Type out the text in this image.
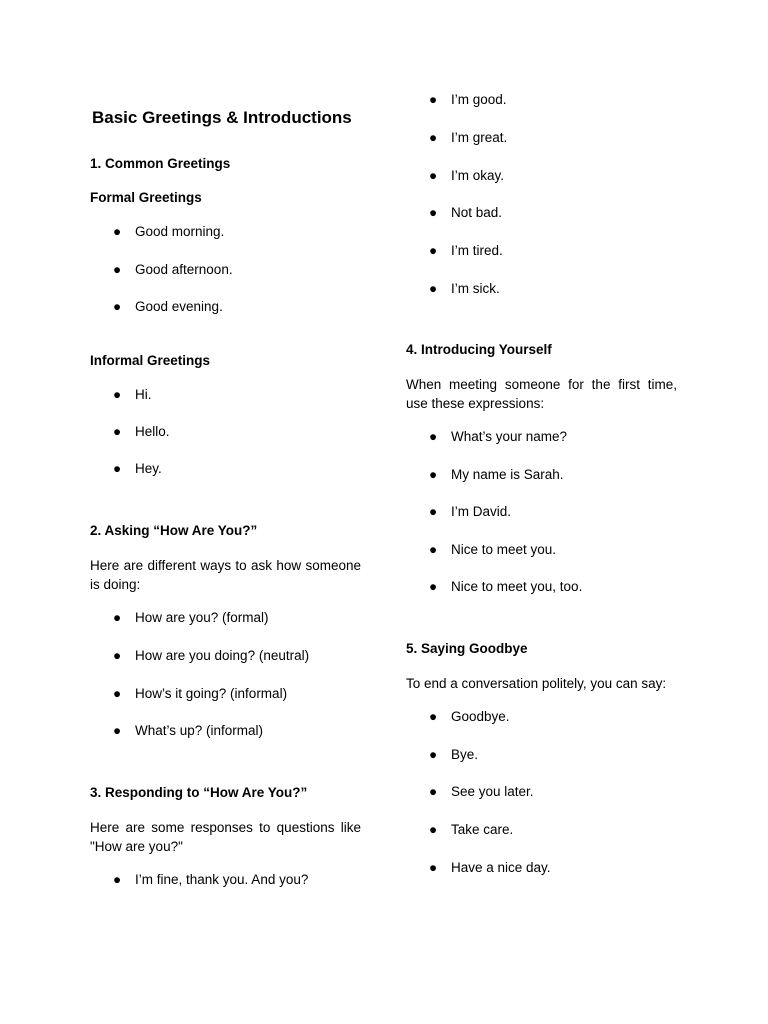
Basic Greetings & Introductions
1. Common Greetings
Formal Greetings
● Good morning.
● Good afternoon.
● Good evening.
Informal Greetings
● Hi.
● Hello.
● Hey.
2. Asking “How Are You?”

Here are different ways to ask how someone is doing:

● How are you? (formal)
● How are you doing? (neutral)
● How’s it going? (informal)
● What’s up? (informal)
3. Responding to “How Are You?”

Here are some responses to questions like "How are you?"

● I’m fine, thank you. And you?
● I’m good.
● I’m great.
● I’m okay.
● Not bad.
● I’m tired.
● I’m sick.
4. Introducing Yourself

When meeting someone for the first time, use these expressions:

● What’s your name?
● My name is Sarah.
● I’m David.
● Nice to meet you.
● Nice to meet you, too.
5. Saying Goodbye

To end a conversation politely, you can say:

● Goodbye.
● Bye.
● See you later.
● Take care.
● Have a nice day.
